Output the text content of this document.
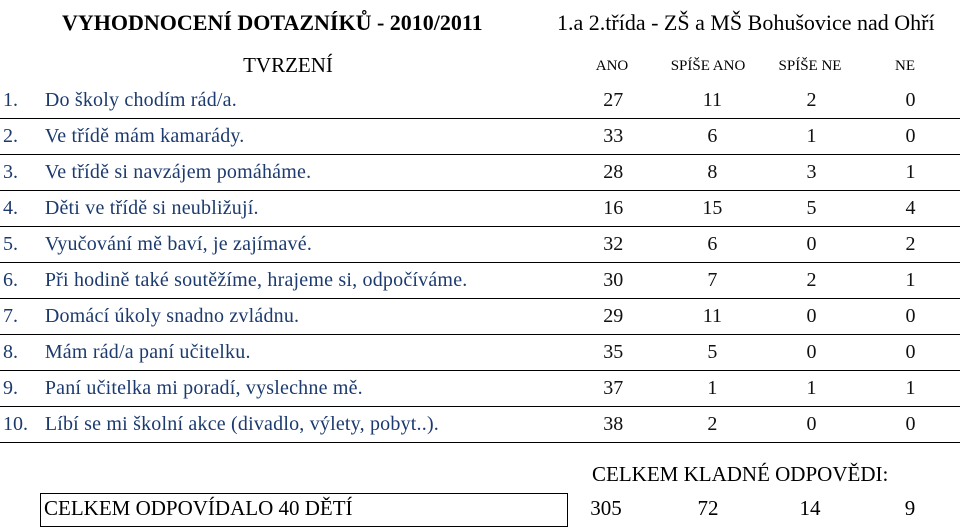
VYHODNOCENÍ DOTAZNÍKŮ - 2010/2011	1.a 2.třída - ZŠ a MŠ Bohušovice nad Ohří
TVRZENÍ	ANO	SPÍŠE ANO	SPÍŠE NE	NE
1.	Do školy chodím rád/a.	27	11	2	0
2.	Ve třídě mám kamarády.	33	6	1	0
3.	Ve třídě si navzájem pomáháme.	28	8	3	1
4.	Děti ve třídě si neubližují.	16	15	5	4
5.	Vyučování mě baví, je zajímavé.	32	6	0	2
6.	Při hodině také soutěžíme, hrajeme si, odpočíváme.	30	7	2	1
7.	Domácí úkoly snadno zvládnu.	29	11	0	0
8.	Mám rád/a paní učitelku.	35	5	0	0
9.	Paní učitelka mi poradí, vyslechne mě.	37	1	1	1
10.	Líbí se mi školní akce (divadlo, výlety, pobyt..).	38	2	0	0
CELKEM KLADNÉ ODPOVĚDI:
CELKEM ODPOVÍDALO 40 DĚTÍ	305	72	14	9
